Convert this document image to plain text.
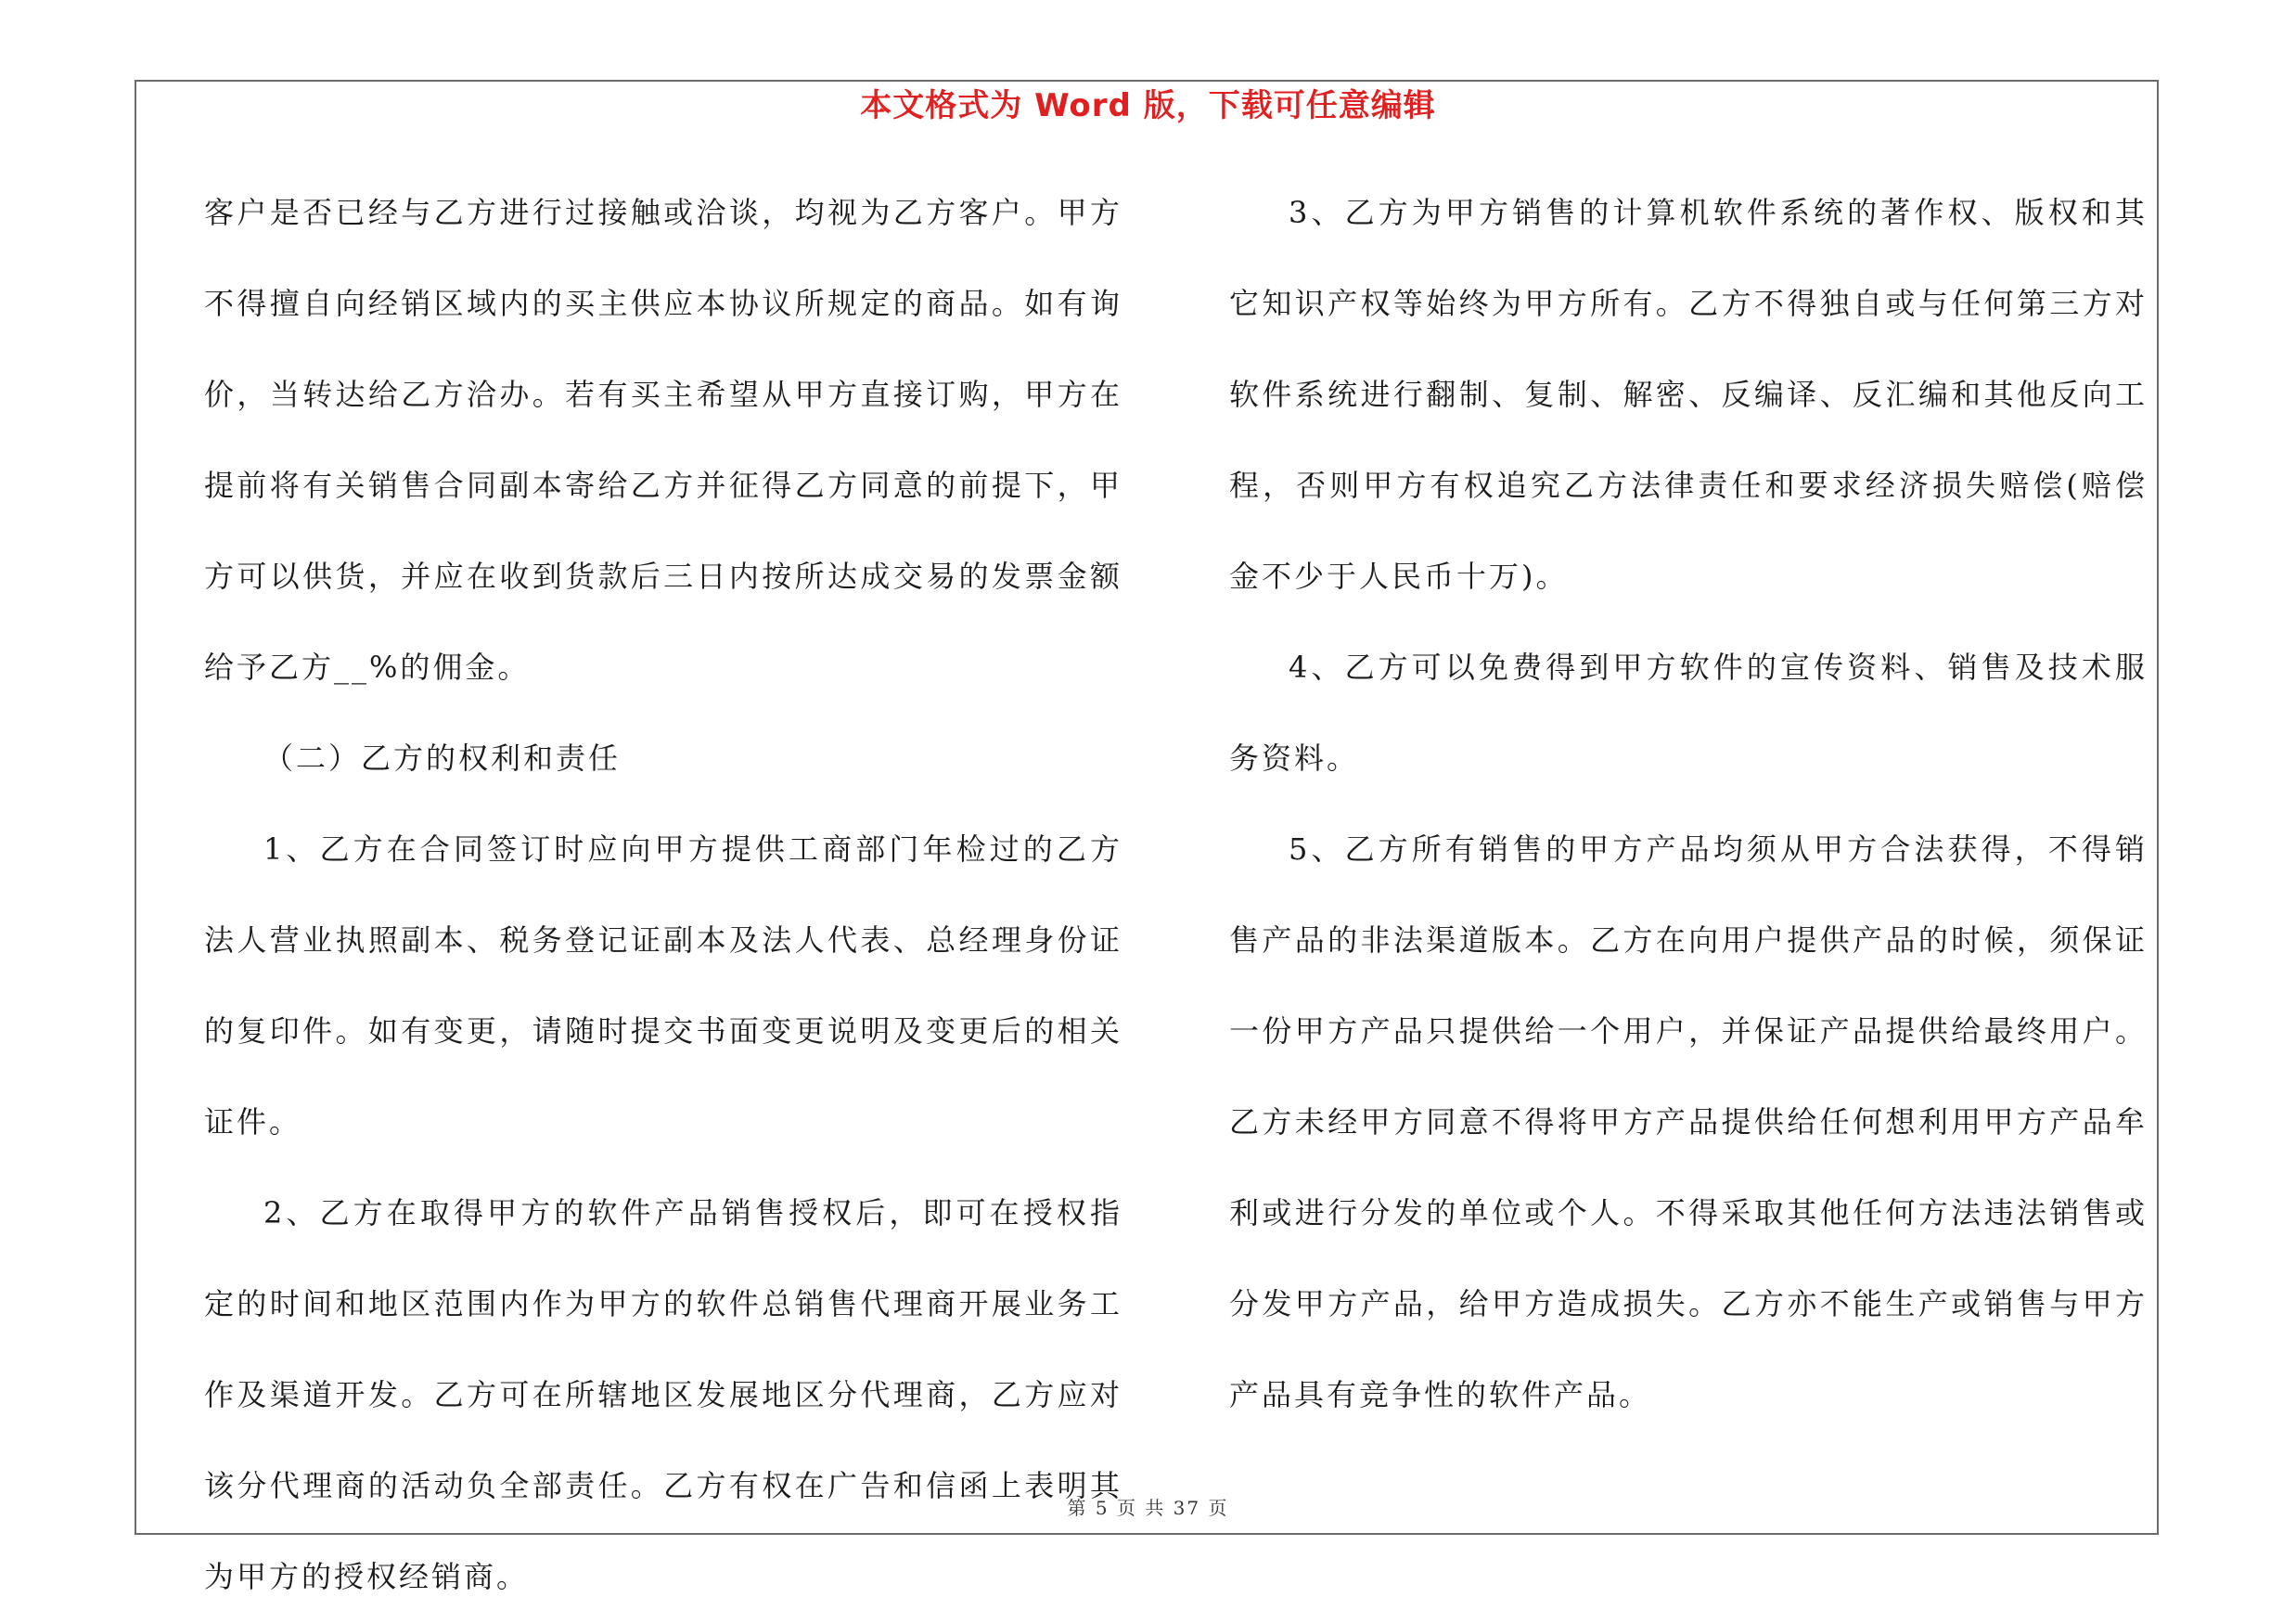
本文格式为 Word 版，下载可任意编辑

客户是否已经与乙方进行过接触或洽谈，均视为乙方客户。甲方不得擅自向经销区域内的买主供应本协议所规定的商品。如有询价，当转达给乙方洽办。若有买主希望从甲方直接订购，甲方在提前将有关销售合同副本寄给乙方并征得乙方同意的前提下，甲方可以供货，并应在收到货款后三日内按所达成交易的发票金额给予乙方__%的佣金。

（二）乙方的权利和责任

1、乙方在合同签订时应向甲方提供工商部门年检过的乙方法人营业执照副本、税务登记证副本及法人代表、总经理身份证的复印件。如有变更，请随时提交书面变更说明及变更后的相关证件。

2、乙方在取得甲方的软件产品销售授权后，即可在授权指定的时间和地区范围内作为甲方的软件总销售代理商开展业务工作及渠道开发。乙方可在所辖地区发展地区分代理商，乙方应对该分代理商的活动负全部责任。乙方有权在广告和信函上表明其为甲方的授权经销商。

3、乙方为甲方销售的计算机软件系统的著作权、版权和其它知识产权等始终为甲方所有。乙方不得独自或与任何第三方对软件系统进行翻制、复制、解密、反编译、反汇编和其他反向工程，否则甲方有权追究乙方法律责任和要求经济损失赔偿(赔偿金不少于人民币十万)。

4、乙方可以免费得到甲方软件的宣传资料、销售及技术服务资料。

5、乙方所有销售的甲方产品均须从甲方合法获得，不得销售产品的非法渠道版本。乙方在向用户提供产品的时候，须保证一份甲方产品只提供给一个用户，并保证产品提供给最终用户。乙方未经甲方同意不得将甲方产品提供给任何想利用甲方产品牟利或进行分发的单位或个人。不得采取其他任何方法违法销售或分发甲方产品，给甲方造成损失。乙方亦不能生产或销售与甲方产品具有竞争性的软件产品。

第 5 页 共 37 页
